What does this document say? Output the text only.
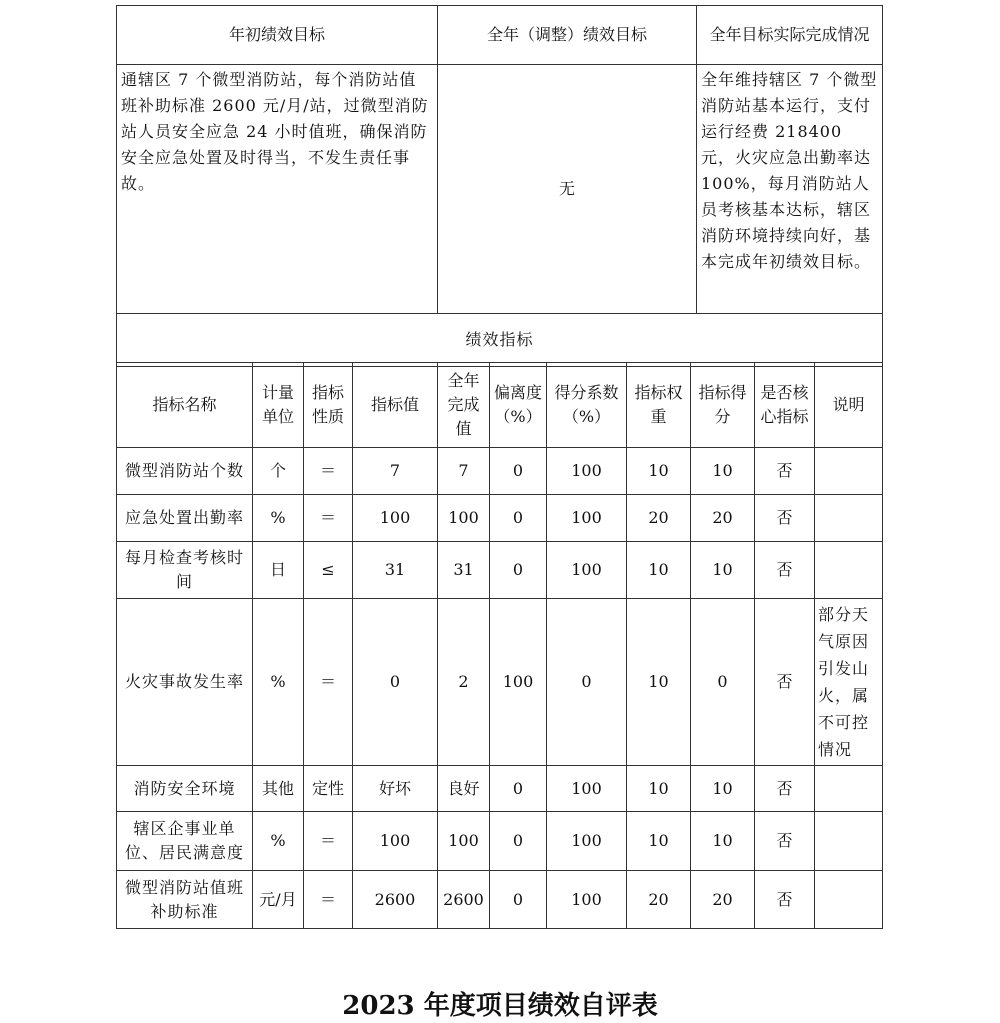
年初绩效目标	全年（调整）绩效目标	全年目标实际完成情况
通辖区 7 个微型消防站，每个消防站值班补助标准 2600 元/月/站，过微型消防站人员安全应急 24 小时值班，确保消防安全应急处置及时得当，不发生责任事故。	无	全年维持辖区 7 个微型消防站基本运行，支付运行经费 218400 元，火灾应急出勤率达 100%，每月消防站人员考核基本达标，辖区消防环境持续向好，基本完成年初绩效目标。
绩效指标		
指标名称	计量单位	指标性质	指标值	全年完成值	偏离度（%）	得分系数（%）	指标权重	指标得分	是否核心指标	说明
微型消防站个数	个	＝	7	7	0	100	10	10	否	
应急处置出勤率	%	＝	100	100	0	100	20	20	否	
每月检查考核时间	日	≤	31	31	0	100	10	10	否	
火灾事故发生率	%	＝	0	2	100	0	10	0	否	部分天气原因引发山火，属不可控情况
消防安全环境	其他	定性	好坏	良好	0	100	10	10	否	
辖区企事业单位、居民满意度	%	＝	100	100	0	100	10	10	否	
微型消防站值班补助标准	元/月	＝	2600	2600	0	100	20	20	否	
2023 年度项目绩效自评表
